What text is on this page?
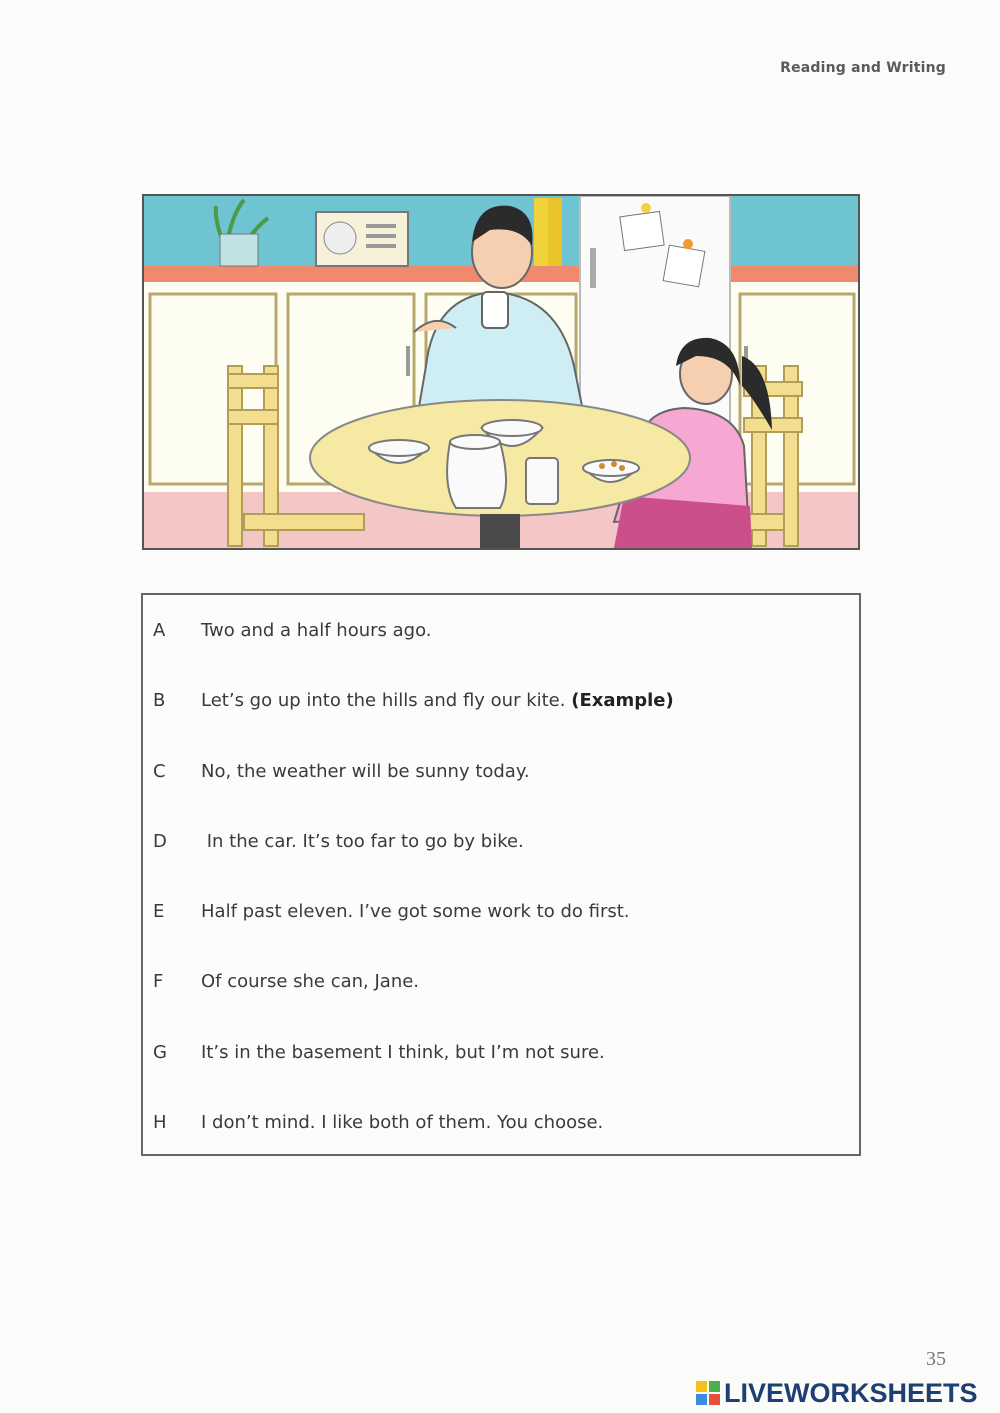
Reading and Writing
A Two and a half hours ago.
B Let’s go up into the hills and fly our kite. (Example)
C No, the weather will be sunny today.
D In the car. It’s too far to go by bike.
E Half past eleven. I’ve got some work to do first.
F Of course she can, Jane.
G It’s in the basement I think, but I’m not sure.
H I don’t mind. I like both of them. You choose.
35
LIVEWORKSHEETS
